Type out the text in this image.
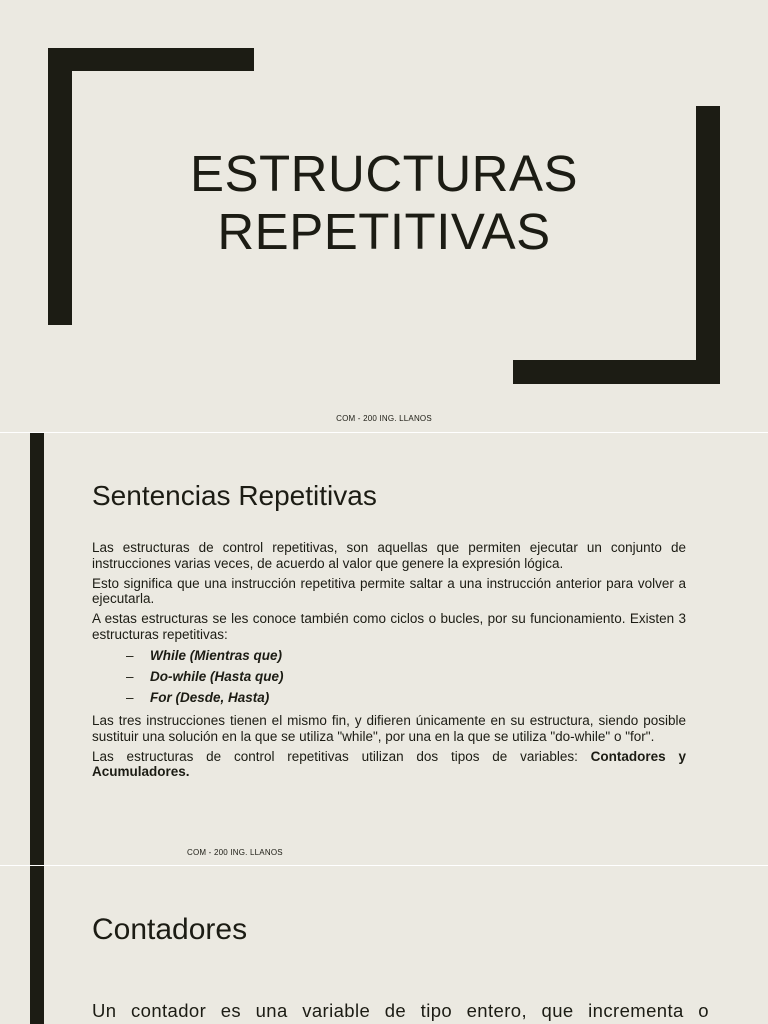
ESTRUCTURAS
REPETITIVAS
COM - 200 ING. LLANOS
Sentencias Repetitivas

Las estructuras de control repetitivas, son aquellas que permiten ejecutar un conjunto de instrucciones varias veces, de acuerdo al valor que genere la expresión lógica.

Esto significa que una instrucción repetitiva permite saltar a una instrucción anterior para volver a ejecutarla.

A estas estructuras se les conoce también como ciclos o bucles, por su funcionamiento. Existen 3 estructuras repetitivas:

– While (Mientras que)
– Do-while (Hasta que)
– For (Desde, Hasta)

Las tres instrucciones tienen el mismo fin, y difieren únicamente en su estructura, siendo posible sustituir una solución en la que se utiliza "while", por una en la que se utiliza "do-while" o "for".

Las estructuras de control repetitivas utilizan dos tipos de variables: Contadores y Acumuladores.

COM - 200 ING. LLANOS
Contadores
Un contador es una variable de tipo entero, que incrementa o
